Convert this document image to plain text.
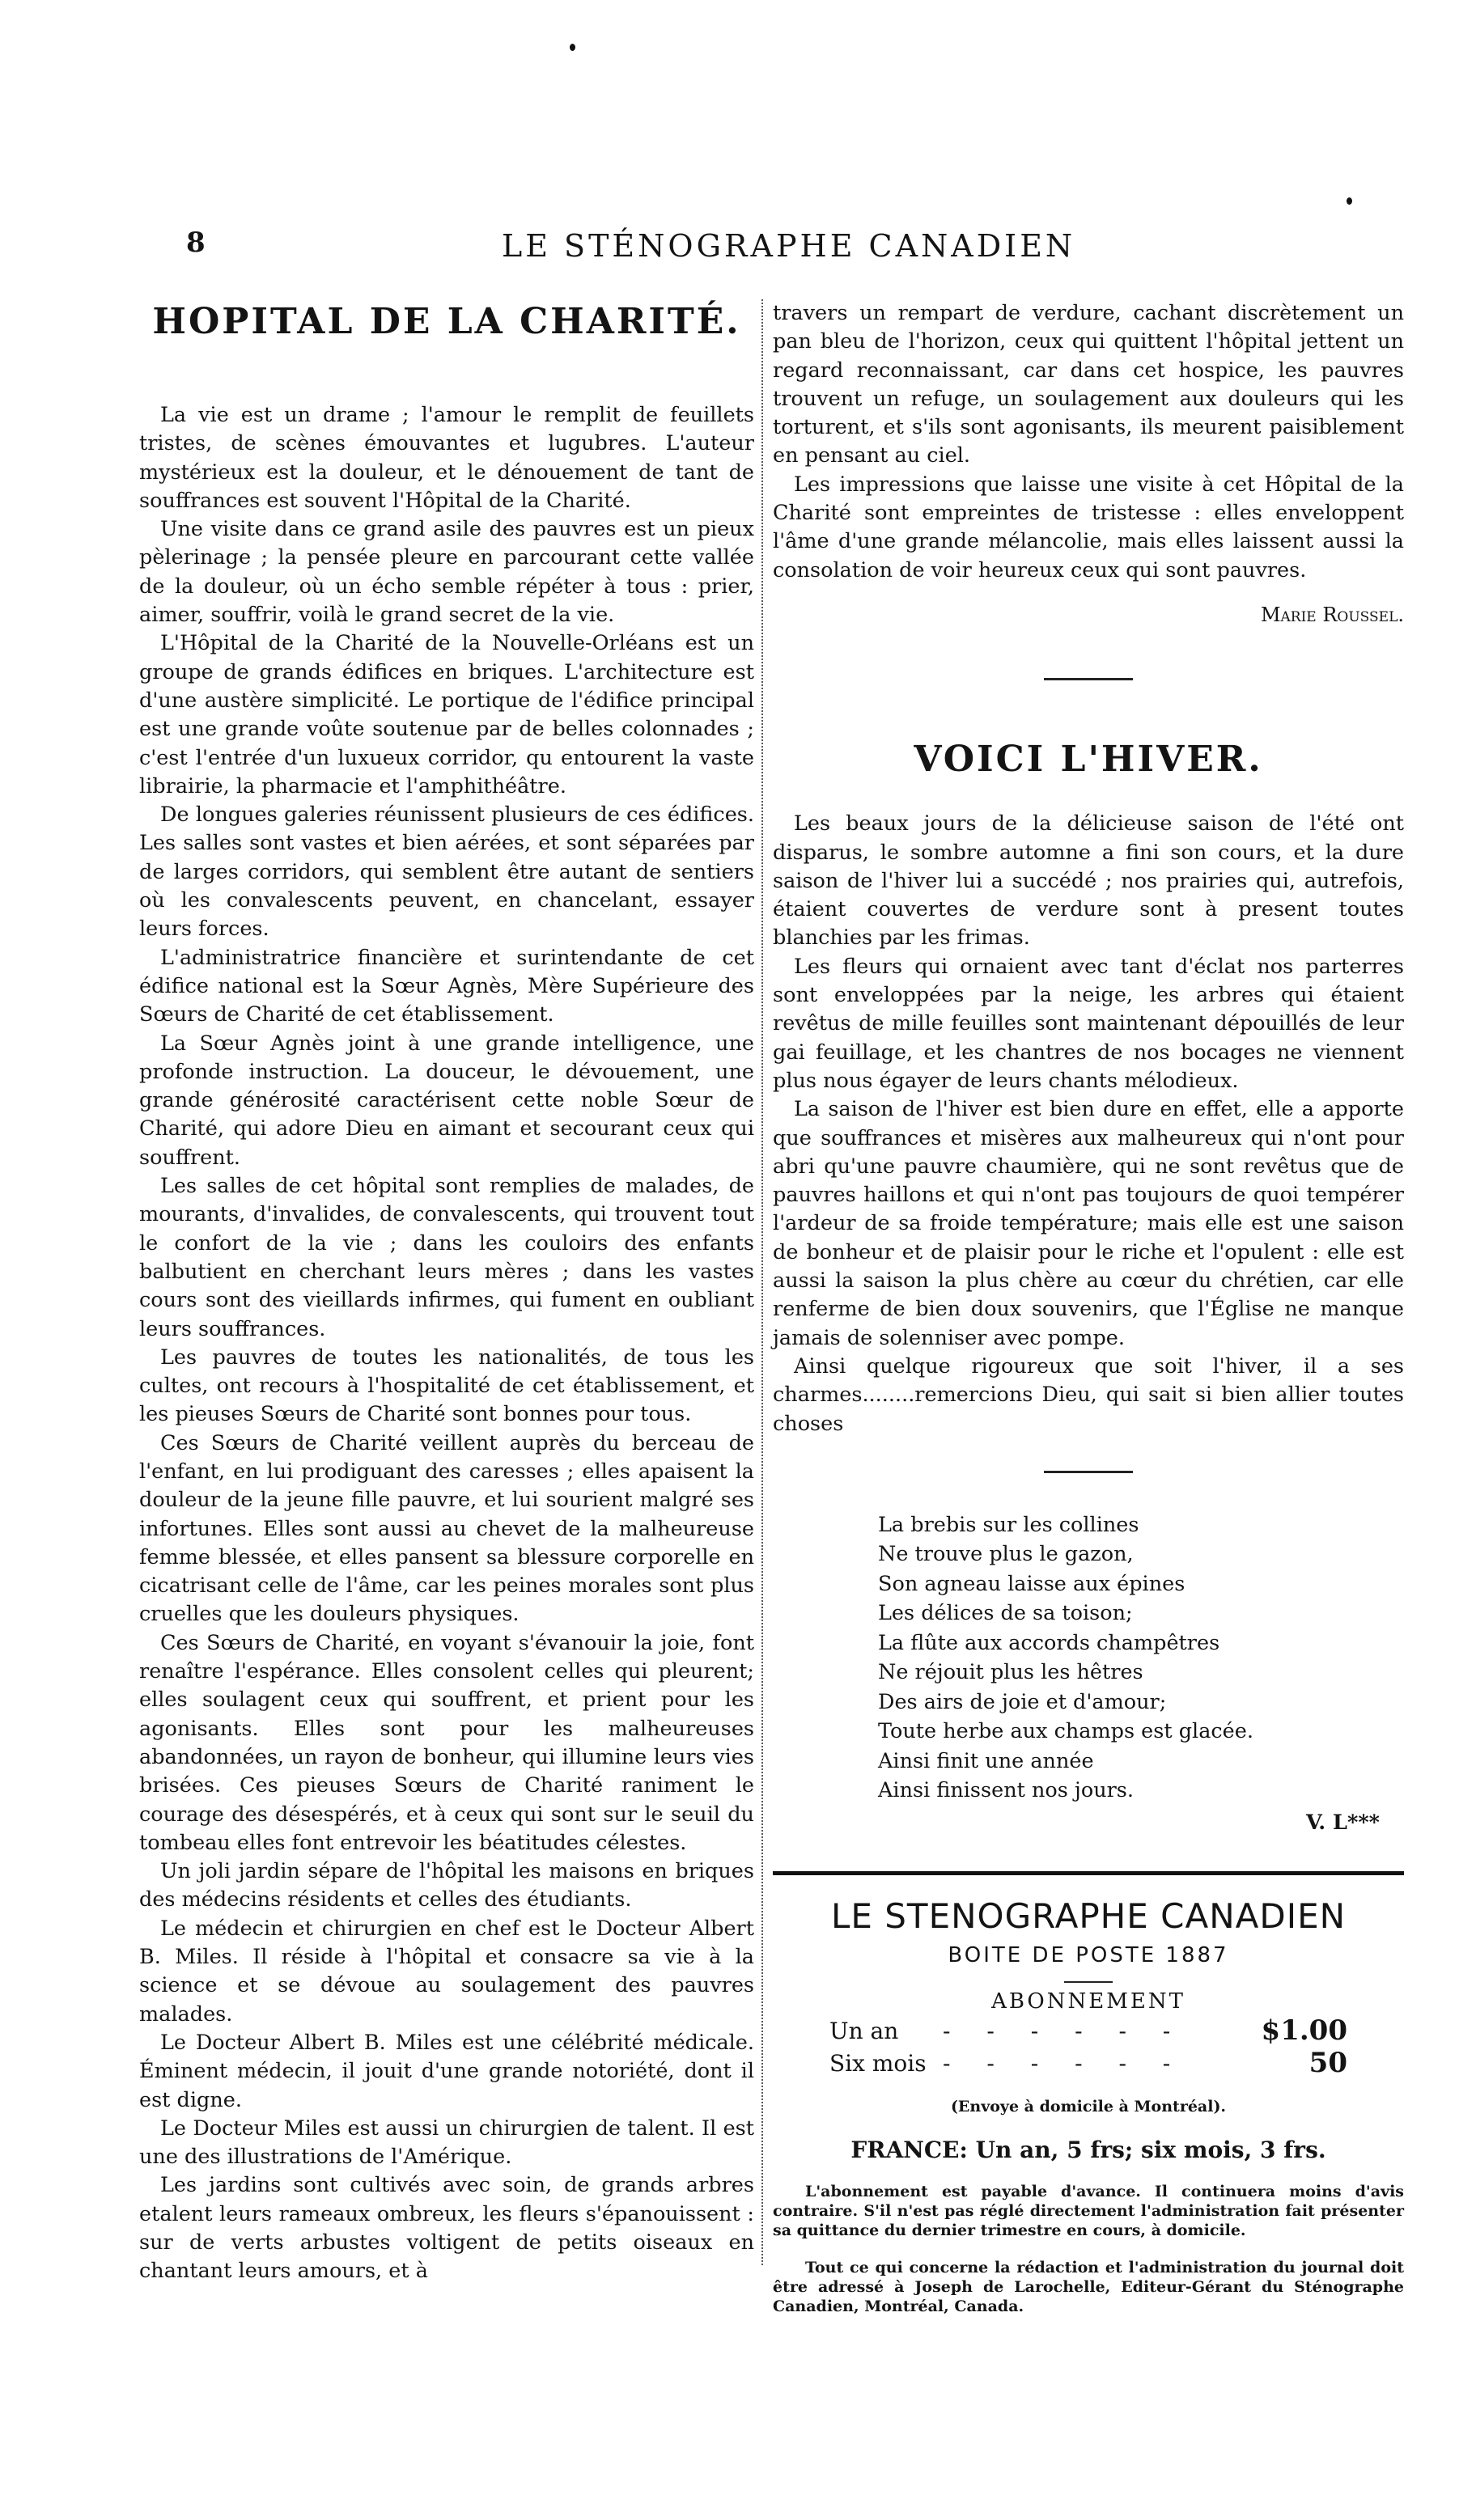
8	LE STÉNOGRAPHE CANADIEN
HOPITAL DE LA CHARITÉ.

La vie est un drame ; l'amour le remplit de feuillets tristes, de scènes émouvantes et lugubres. L'auteur mystérieux est la douleur, et le dénouement de tant de souffrances est souvent l'Hôpital de la Charité.

Une visite dans ce grand asile des pauvres est un pieux pèlerinage ; la pensée pleure en parcourant cette vallée de la douleur, où un écho semble répéter à tous : prier, aimer, souffrir, voilà le grand secret de la vie.

L'Hôpital de la Charité de la Nouvelle-Orléans est un groupe de grands édifices en briques. L'architecture est d'une austère simplicité. Le portique de l'édifice principal est une grande voûte soutenue par de belles colonnades ; c'est l'entrée d'un luxueux corridor, qu entourent la vaste librairie, la pharmacie et l'amphithéâtre.

De longues galeries réunissent plusieurs de ces édifices. Les salles sont vastes et bien aérées, et sont séparées par de larges corridors, qui semblent être autant de sentiers où les convalescents peuvent, en chancelant, essayer leurs forces.

L'administratrice financière et surintendante de cet édifice national est la Sœur Agnès, Mère Supérieure des Sœurs de Charité de cet établissement.

La Sœur Agnès joint à une grande intelligence, une profonde instruction. La douceur, le dévouement, une grande générosité caractérisent cette noble Sœur de Charité, qui adore Dieu en aimant et secourant ceux qui souffrent.

Les salles de cet hôpital sont remplies de malades, de mourants, d'invalides, de convalescents, qui trouvent tout le confort de la vie ; dans les couloirs des enfants balbutient en cherchant leurs mères ; dans les vastes cours sont des vieillards infirmes, qui fument en oubliant leurs souffrances.

Les pauvres de toutes les nationalités, de tous les cultes, ont recours à l'hospitalité de cet établissement, et les pieuses Sœurs de Charité sont bonnes pour tous.

Ces Sœurs de Charité veillent auprès du berceau de l'enfant, en lui prodiguant des caresses ; elles apaisent la douleur de la jeune fille pauvre, et lui sourient malgré ses infortunes. Elles sont aussi au chevet de la malheureuse femme blessée, et elles pansent sa blessure corporelle en cicatrisant celle de l'âme, car les peines morales sont plus cruelles que les douleurs physiques.

Ces Sœurs de Charité, en voyant s'évanouir la joie, font renaître l'espérance. Elles consolent celles qui pleurent; elles soulagent ceux qui souffrent, et prient pour les agonisants. Elles sont pour les malheureuses abandonnées, un rayon de bonheur, qui illumine leurs vies brisées. Ces pieuses Sœurs de Charité raniment le courage des désespérés, et à ceux qui sont sur le seuil du tombeau elles font entrevoir les béatitudes célestes.

Un joli jardin sépare de l'hôpital les maisons en briques des médecins résidents et celles des étudiants.

Le médecin et chirurgien en chef est le Docteur Albert B. Miles. Il réside à l'hôpital et consacre sa vie à la science et se dévoue au soulagement des pauvres malades.

Le Docteur Albert B. Miles est une célébrité médicale. Éminent médecin, il jouit d'une grande notoriété, dont il est digne.

Le Docteur Miles est aussi un chirurgien de talent. Il est une des illustrations de l'Amérique.

Les jardins sont cultivés avec soin, de grands arbres etalent leurs rameaux ombreux, les fleurs s'épanouissent : sur de verts arbustes voltigent de petits oiseaux en chantant leurs amours, et à

travers un rempart de verdure, cachant discrètement un pan bleu de l'horizon, ceux qui quittent l'hôpital jettent un regard reconnaissant, car dans cet hospice, les pauvres trouvent un refuge, un soulagement aux douleurs qui les torturent, et s'ils sont agonisants, ils meurent paisiblement en pensant au ciel.

Les impressions que laisse une visite à cet Hôpital de la Charité sont empreintes de tristesse : elles enveloppent l'âme d'une grande mélancolie, mais elles laissent aussi la consolation de voir heureux ceux qui sont pauvres.

Marie Roussel.
VOICI L'HIVER.

Les beaux jours de la délicieuse saison de l'été ont disparus, le sombre automne a fini son cours, et la dure saison de l'hiver lui a succédé ; nos prairies qui, autrefois, étaient couvertes de verdure sont à present toutes blanchies par les frimas.

Les fleurs qui ornaient avec tant d'éclat nos parterres sont enveloppées par la neige, les arbres qui étaient revêtus de mille feuilles sont maintenant dépouillés de leur gai feuillage, et les chantres de nos bocages ne viennent plus nous égayer de leurs chants mélodieux.

La saison de l'hiver est bien dure en effet, elle a apporte que souffrances et misères aux malheureux qui n'ont pour abri qu'une pauvre chaumière, qui ne sont revêtus que de pauvres haillons et qui n'ont pas toujours de quoi tempérer l'ardeur de sa froide température; mais elle est une saison de bonheur et de plaisir pour le riche et l'opulent : elle est aussi la saison la plus chère au cœur du chrétien, car elle renferme de bien doux souvenirs, que l'Église ne manque jamais de solenniser avec pompe.

Ainsi quelque rigoureux que soit l'hiver, il a ses charmes........remercions Dieu, qui sait si bien allier toutes choses

La brebis sur les collines
Ne trouve plus le gazon,
Son agneau laisse aux épines
Les délices de sa toison;
La flûte aux accords champêtres
Ne réjouit plus les hêtres
Des airs de joie et d'amour;
Toute herbe aux champs est glacée.
Ainsi finit une année
Ainsi finissent nos jours.
V. L***
LE STENOGRAPHE CANADIEN
BOITE DE POSTE 1887
ABONNEMENT
Un an - - - - - -	$1.00
Six mois - - - - - -	50
(Envoye à domicile à Montréal).
FRANCE: Un an, 5 frs; six mois, 3 frs.

L'abonnement est payable d'avance. Il continuera moins d'avis contraire. S'il n'est pas réglé directement l'administration fait présenter sa quittance du dernier trimestre en cours, à domicile.

Tout ce qui concerne la rédaction et l'administration du journal doit être adressé à Joseph de Larochelle, Editeur-Gérant du Sténographe Canadien, Montréal, Canada.
